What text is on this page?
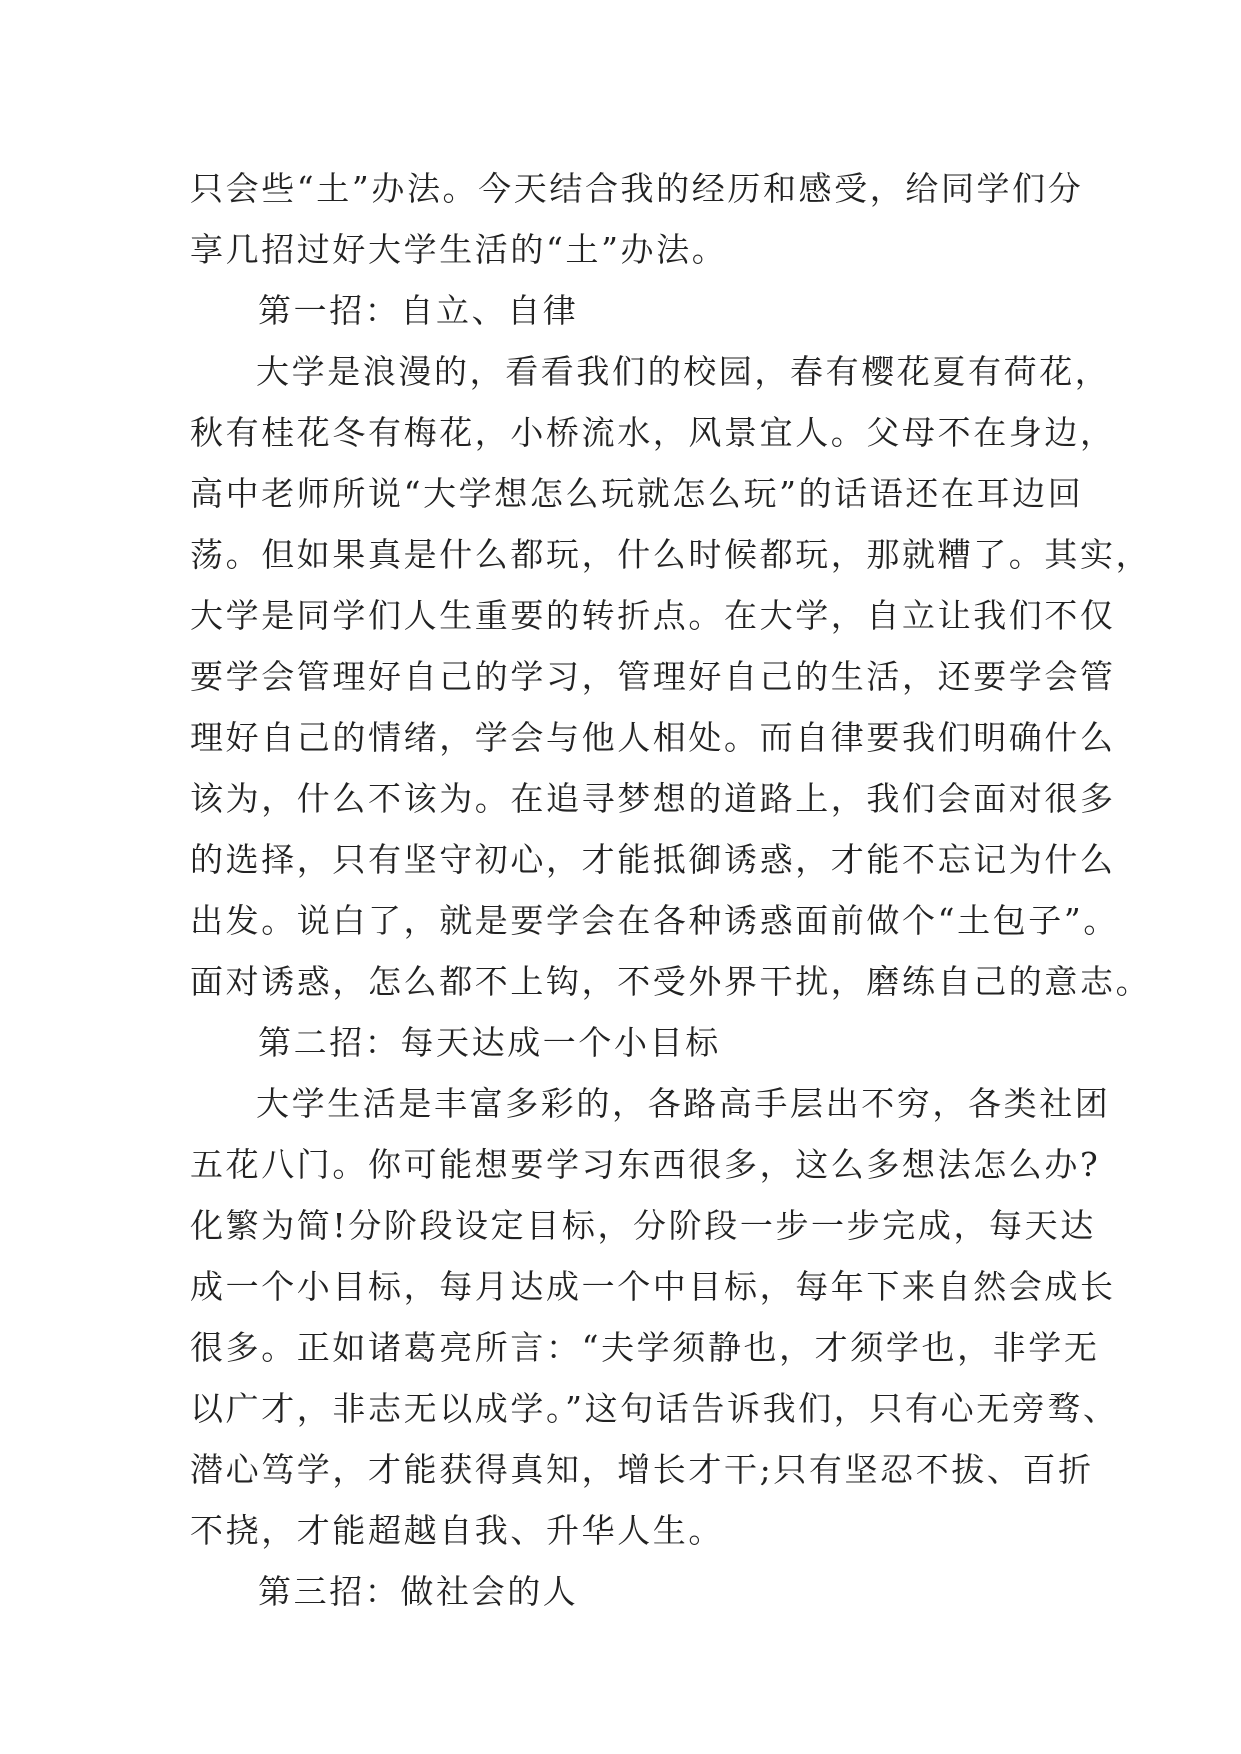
只会些“土”办法。今天结合我的经历和感受，给同学们分
享几招过好大学生活的“土”办法。
第一招：自立、自律
大学是浪漫的，看看我们的校园，春有樱花夏有荷花，
秋有桂花冬有梅花，小桥流水，风景宜人。父母不在身边，
高中老师所说“大学想怎么玩就怎么玩”的话语还在耳边回
荡。但如果真是什么都玩，什么时候都玩，那就糟了。其实，
大学是同学们人生重要的转折点。在大学，自立让我们不仅
要学会管理好自己的学习，管理好自己的生活，还要学会管
理好自己的情绪，学会与他人相处。而自律要我们明确什么
该为，什么不该为。在追寻梦想的道路上，我们会面对很多
的选择，只有坚守初心，才能抵御诱惑，才能不忘记为什么
出发。说白了，就是要学会在各种诱惑面前做个“土包子”。
面对诱惑，怎么都不上钩，不受外界干扰，磨练自己的意志。
第二招：每天达成一个小目标
大学生活是丰富多彩的，各路高手层出不穷，各类社团
五花八门。你可能想要学习东西很多，这么多想法怎么办?
化繁为简!分阶段设定目标，分阶段一步一步完成，每天达
成一个小目标，每月达成一个中目标，每年下来自然会成长
很多。正如诸葛亮所言：“夫学须静也，才须学也，非学无
以广才，非志无以成学。”这句话告诉我们，只有心无旁骛、
潜心笃学，才能获得真知，增长才干;只有坚忍不拔、百折
不挠，才能超越自我、升华人生。
第三招：做社会的人
